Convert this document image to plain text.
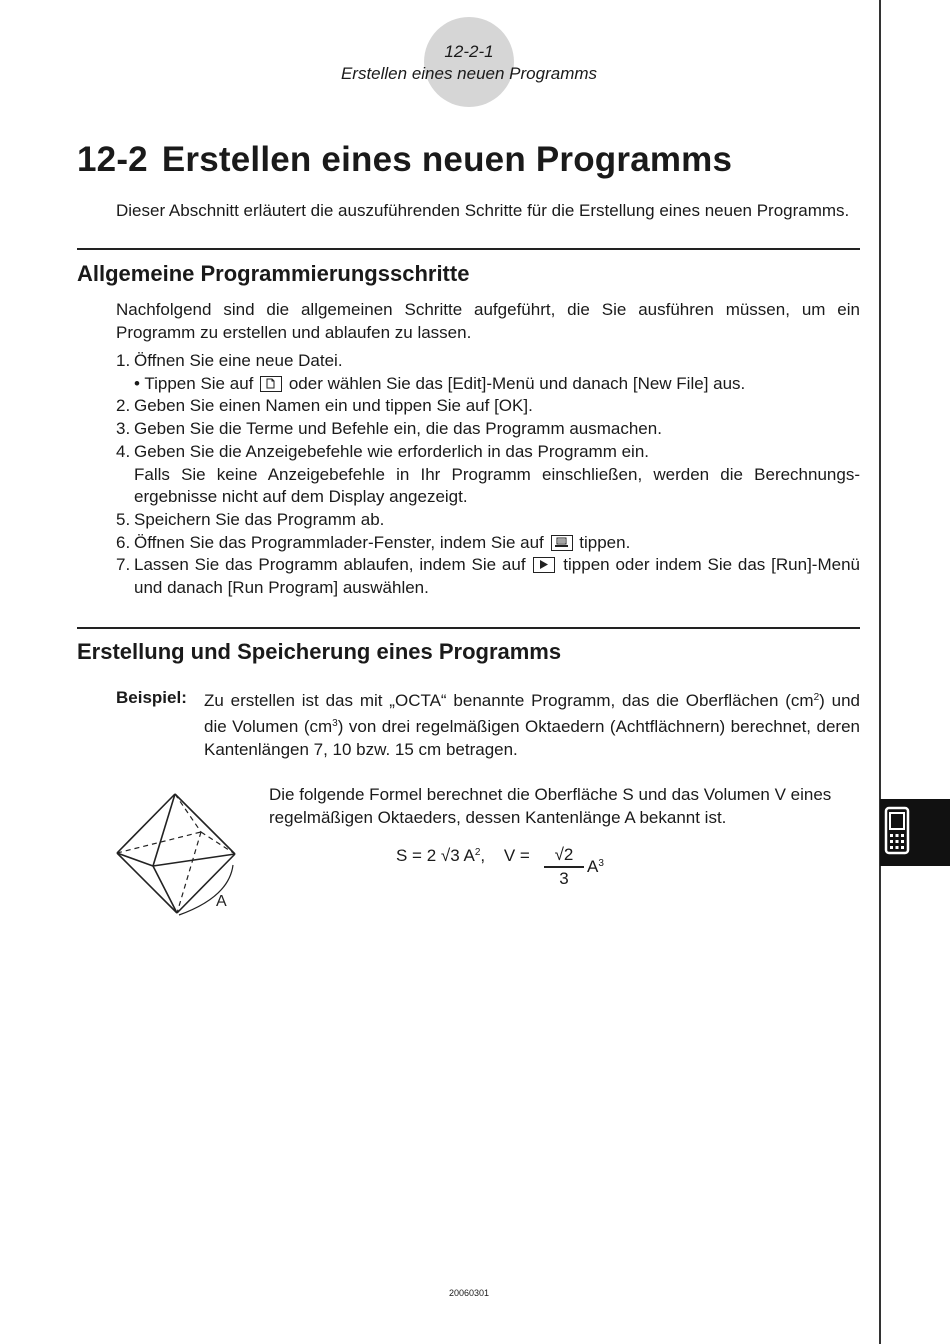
12-2-1
Erstellen eines neuen Programms
12-2 Erstellen eines neuen Programms
Dieser Abschnitt erläutert die auszuführenden Schritte für die Erstellung eines neuen Programms.
Allgemeine Programmierungsschritte
Nachfolgend sind die allgemeinen Schritte aufgeführt, die Sie ausführen müssen, um ein Programm zu erstellen und ablaufen zu lassen.
1. Öffnen Sie eine neue Datei.
• Tippen Sie auf oder wählen Sie das [Edit]-Menü und danach [New File] aus.
2. Geben Sie einen Namen ein und tippen Sie auf [OK].
3. Geben Sie die Terme und Befehle ein, die das Programm ausmachen.
4. Geben Sie die Anzeigebefehle wie erforderlich in das Programm ein.
Falls Sie keine Anzeigebefehle in Ihr Programm einschließen, werden die Berechnungs-ergebnisse nicht auf dem Display angezeigt.
5. Speichern Sie das Programm ab.
6. Öffnen Sie das Programmlader-Fenster, indem Sie auf tippen.
7. Lassen Sie das Programm ablaufen, indem Sie auf tippen oder indem Sie das [Run]-Menü und danach [Run Program] auswählen.
Erstellung und Speicherung eines Programms
Beispiel:	Zu erstellen ist das mit „OCTA“ benannte Programm, das die Oberflächen $(cm^2)$ und die Volumen $(cm^3)$ von drei regelmäßigen Oktaedern (Achtflächnern) berechnet, deren Kantenlängen 7, 10 bzw. 15 cm betragen.
A
Die folgende Formel berechnet die Oberfläche S und das Volumen V eines regelmäßigen Oktaeders, dessen Kantenlänge A bekannt ist.
S = 2 √3 $A^2$, V =	√2
3
$A^3$
20060301
